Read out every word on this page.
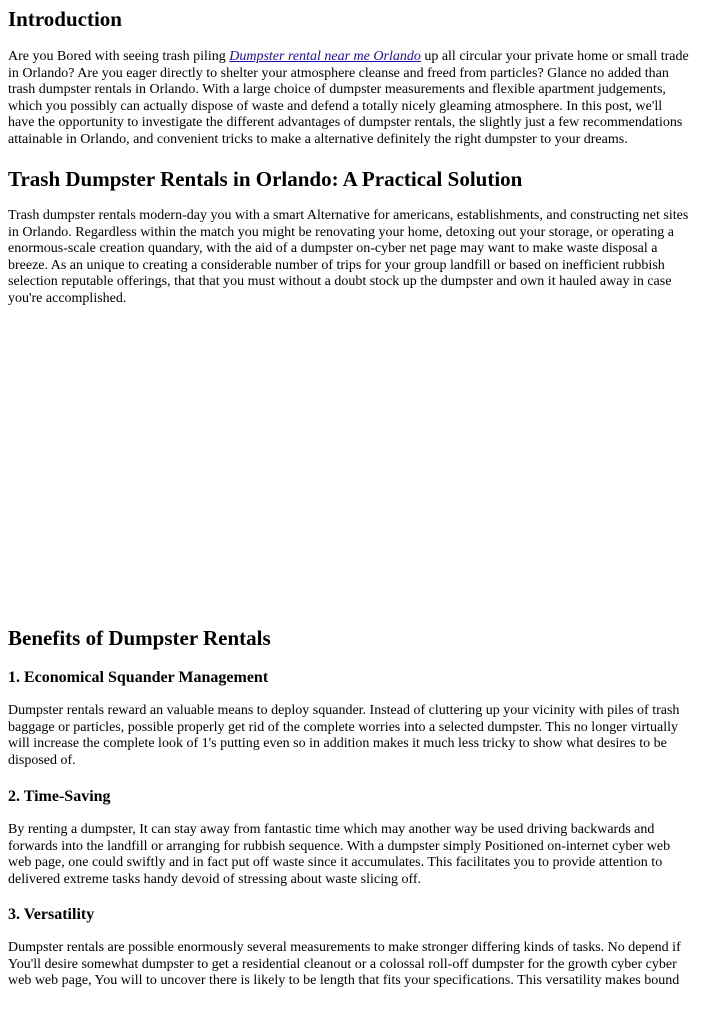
Introduction

Are you Bored with seeing trash piling Dumpster rental near me Orlando up all circular your private home or small trade
in Orlando? Are you eager directly to shelter your atmosphere cleanse and freed from particles? Glance no added than
trash dumpster rentals in Orlando. With a large choice of dumpster measurements and flexible apartment judgements,
which you possibly can actually dispose of waste and defend a totally nicely gleaming atmosphere. In this post, we'll
have the opportunity to investigate the different advantages of dumpster rentals, the slightly just a few recommendations
attainable in Orlando, and convenient tricks to make a alternative definitely the right dumpster to your dreams.

Trash Dumpster Rentals in Orlando: A Practical Solution

Trash dumpster rentals modern-day you with a smart Alternative for americans, establishments, and constructing net sites
in Orlando. Regardless within the match you might be renovating your home, detoxing out your storage, or operating a
enormous-scale creation quandary, with the aid of a dumpster on-cyber net page may want to make waste disposal a
breeze. As an unique to creating a considerable number of trips for your group landfill or based on inefficient rubbish
selection reputable offerings, that that you must without a doubt stock up the dumpster and own it hauled away in case
you're accomplished.

Benefits of Dumpster Rentals
1. Economical Squander Management

Dumpster rentals reward an valuable means to deploy squander. Instead of cluttering up your vicinity with piles of trash
baggage or particles, possible properly get rid of the complete worries into a selected dumpster. This no longer virtually
will increase the complete look of 1's putting even so in addition makes it much less tricky to show what desires to be
disposed of.

2. Time-Saving

By renting a dumpster, It can stay away from fantastic time which may another way be used driving backwards and
forwards into the landfill or arranging for rubbish sequence. With a dumpster simply Positioned on-internet cyber web
web page, one could swiftly and in fact put off waste since it accumulates. This facilitates you to provide attention to
delivered extreme tasks handy devoid of stressing about waste slicing off.

3. Versatility

Dumpster rentals are possible enormously several measurements to make stronger differing kinds of tasks. No depend if
You'll desire somewhat dumpster to get a residential cleanout or a colossal roll-off dumpster for the growth cyber cyber
web web page, You will to uncover there is likely to be length that fits your specifications. This versatility makes bound
